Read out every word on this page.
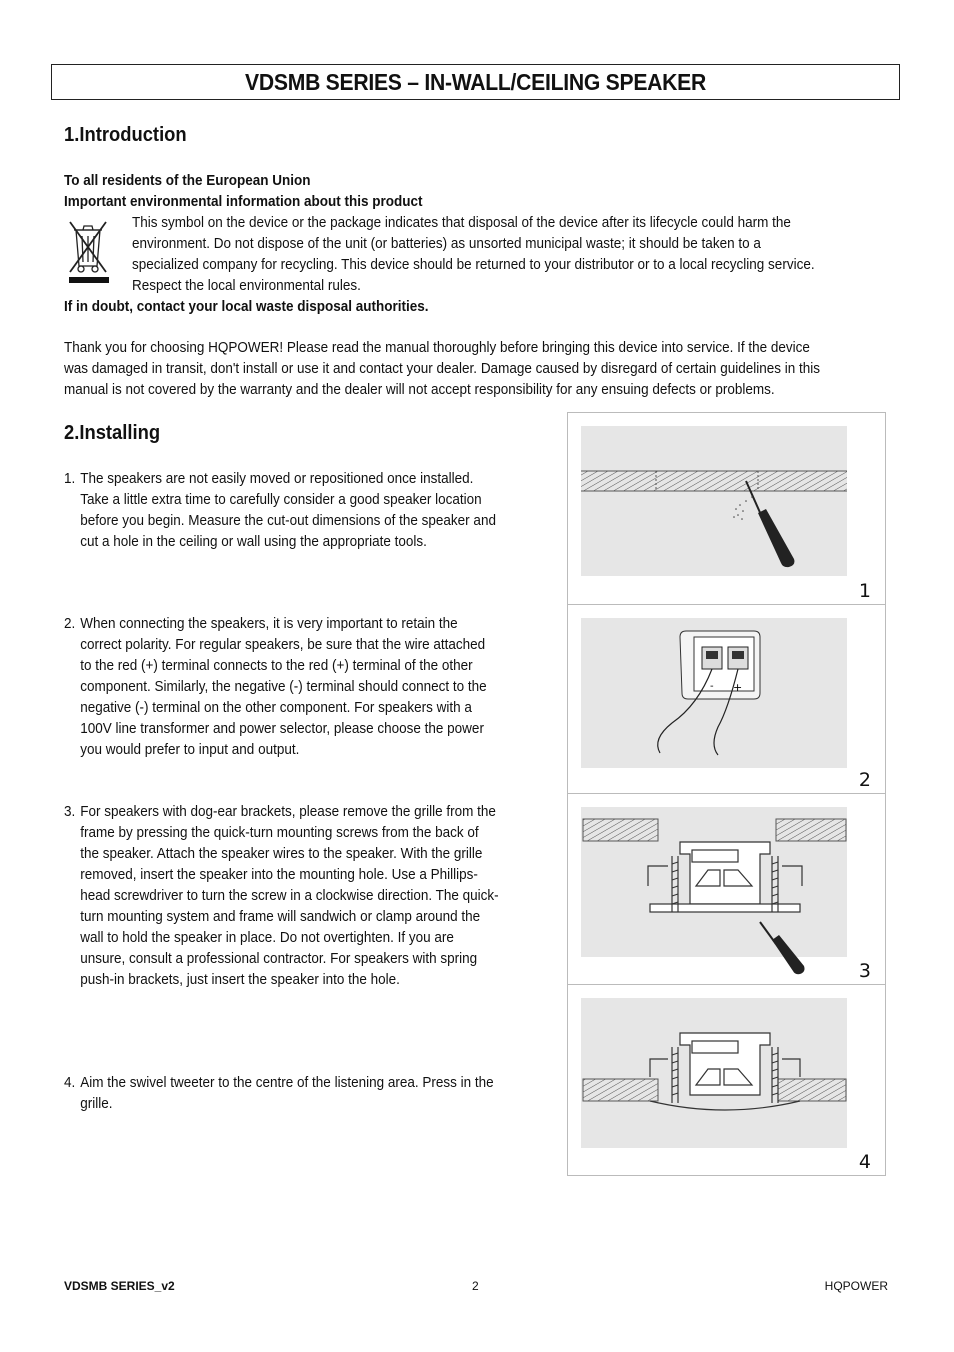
VDSMB SERIES – IN-WALL/CEILING SPEAKER
1.Introduction
To all residents of the European Union
Important environmental information about this product
This symbol on the device or the package indicates that disposal of the device after its lifecycle could harm the
environment. Do not dispose of the unit (or batteries) as unsorted municipal waste; it should be taken to a
specialized company for recycling. This device should be returned to your distributor or to a local recycling service.
Respect the local environmental rules.
If in doubt, contact your local waste disposal authorities.
Thank you for choosing HQPOWER! Please read the manual thoroughly before bringing this device into service. If the device
was damaged in transit, don't install or use it and contact your dealer. Damage caused by disregard of certain guidelines in this
manual is not covered by the warranty and the dealer will not accept responsibility for any ensuing defects or problems.
2.Installing
1. The speakers are not easily moved or repositioned once installed.
Take a little extra time to carefully consider a good speaker location
before you begin. Measure the cut-out dimensions of the speaker and
cut a hole in the ceiling or wall using the appropriate tools.
2. When connecting the speakers, it is very important to retain the
correct polarity. For regular speakers, be sure that the wire attached
to the red (+) terminal connects to the red (+) terminal of the other
component. Similarly, the negative (-) terminal should connect to the
negative (-) terminal on the other component. For speakers with a
100V line transformer and power selector, please choose the power
you would prefer to input and output.
3. For speakers with dog-ear brackets, please remove the grille from the
frame by pressing the quick-turn mounting screws from the back of
the speaker. Attach the speaker wires to the speaker. With the grille
removed, insert the speaker into the mounting hole. Use a Phillips-
head screwdriver to turn the screw in a clockwise direction. The quick-
turn mounting system and frame will sandwich or clamp around the
wall to hold the speaker in place. Do not overtighten. If you are
unsure, consult a professional contractor. For speakers with spring
push-in brackets, just insert the speaker into the hole.
4. Aim the swivel tweeter to the centre of the listening area. Press in the
grille.
1
- +
2
3
4
VDSMB SERIES_v2	2	HQPOWER
